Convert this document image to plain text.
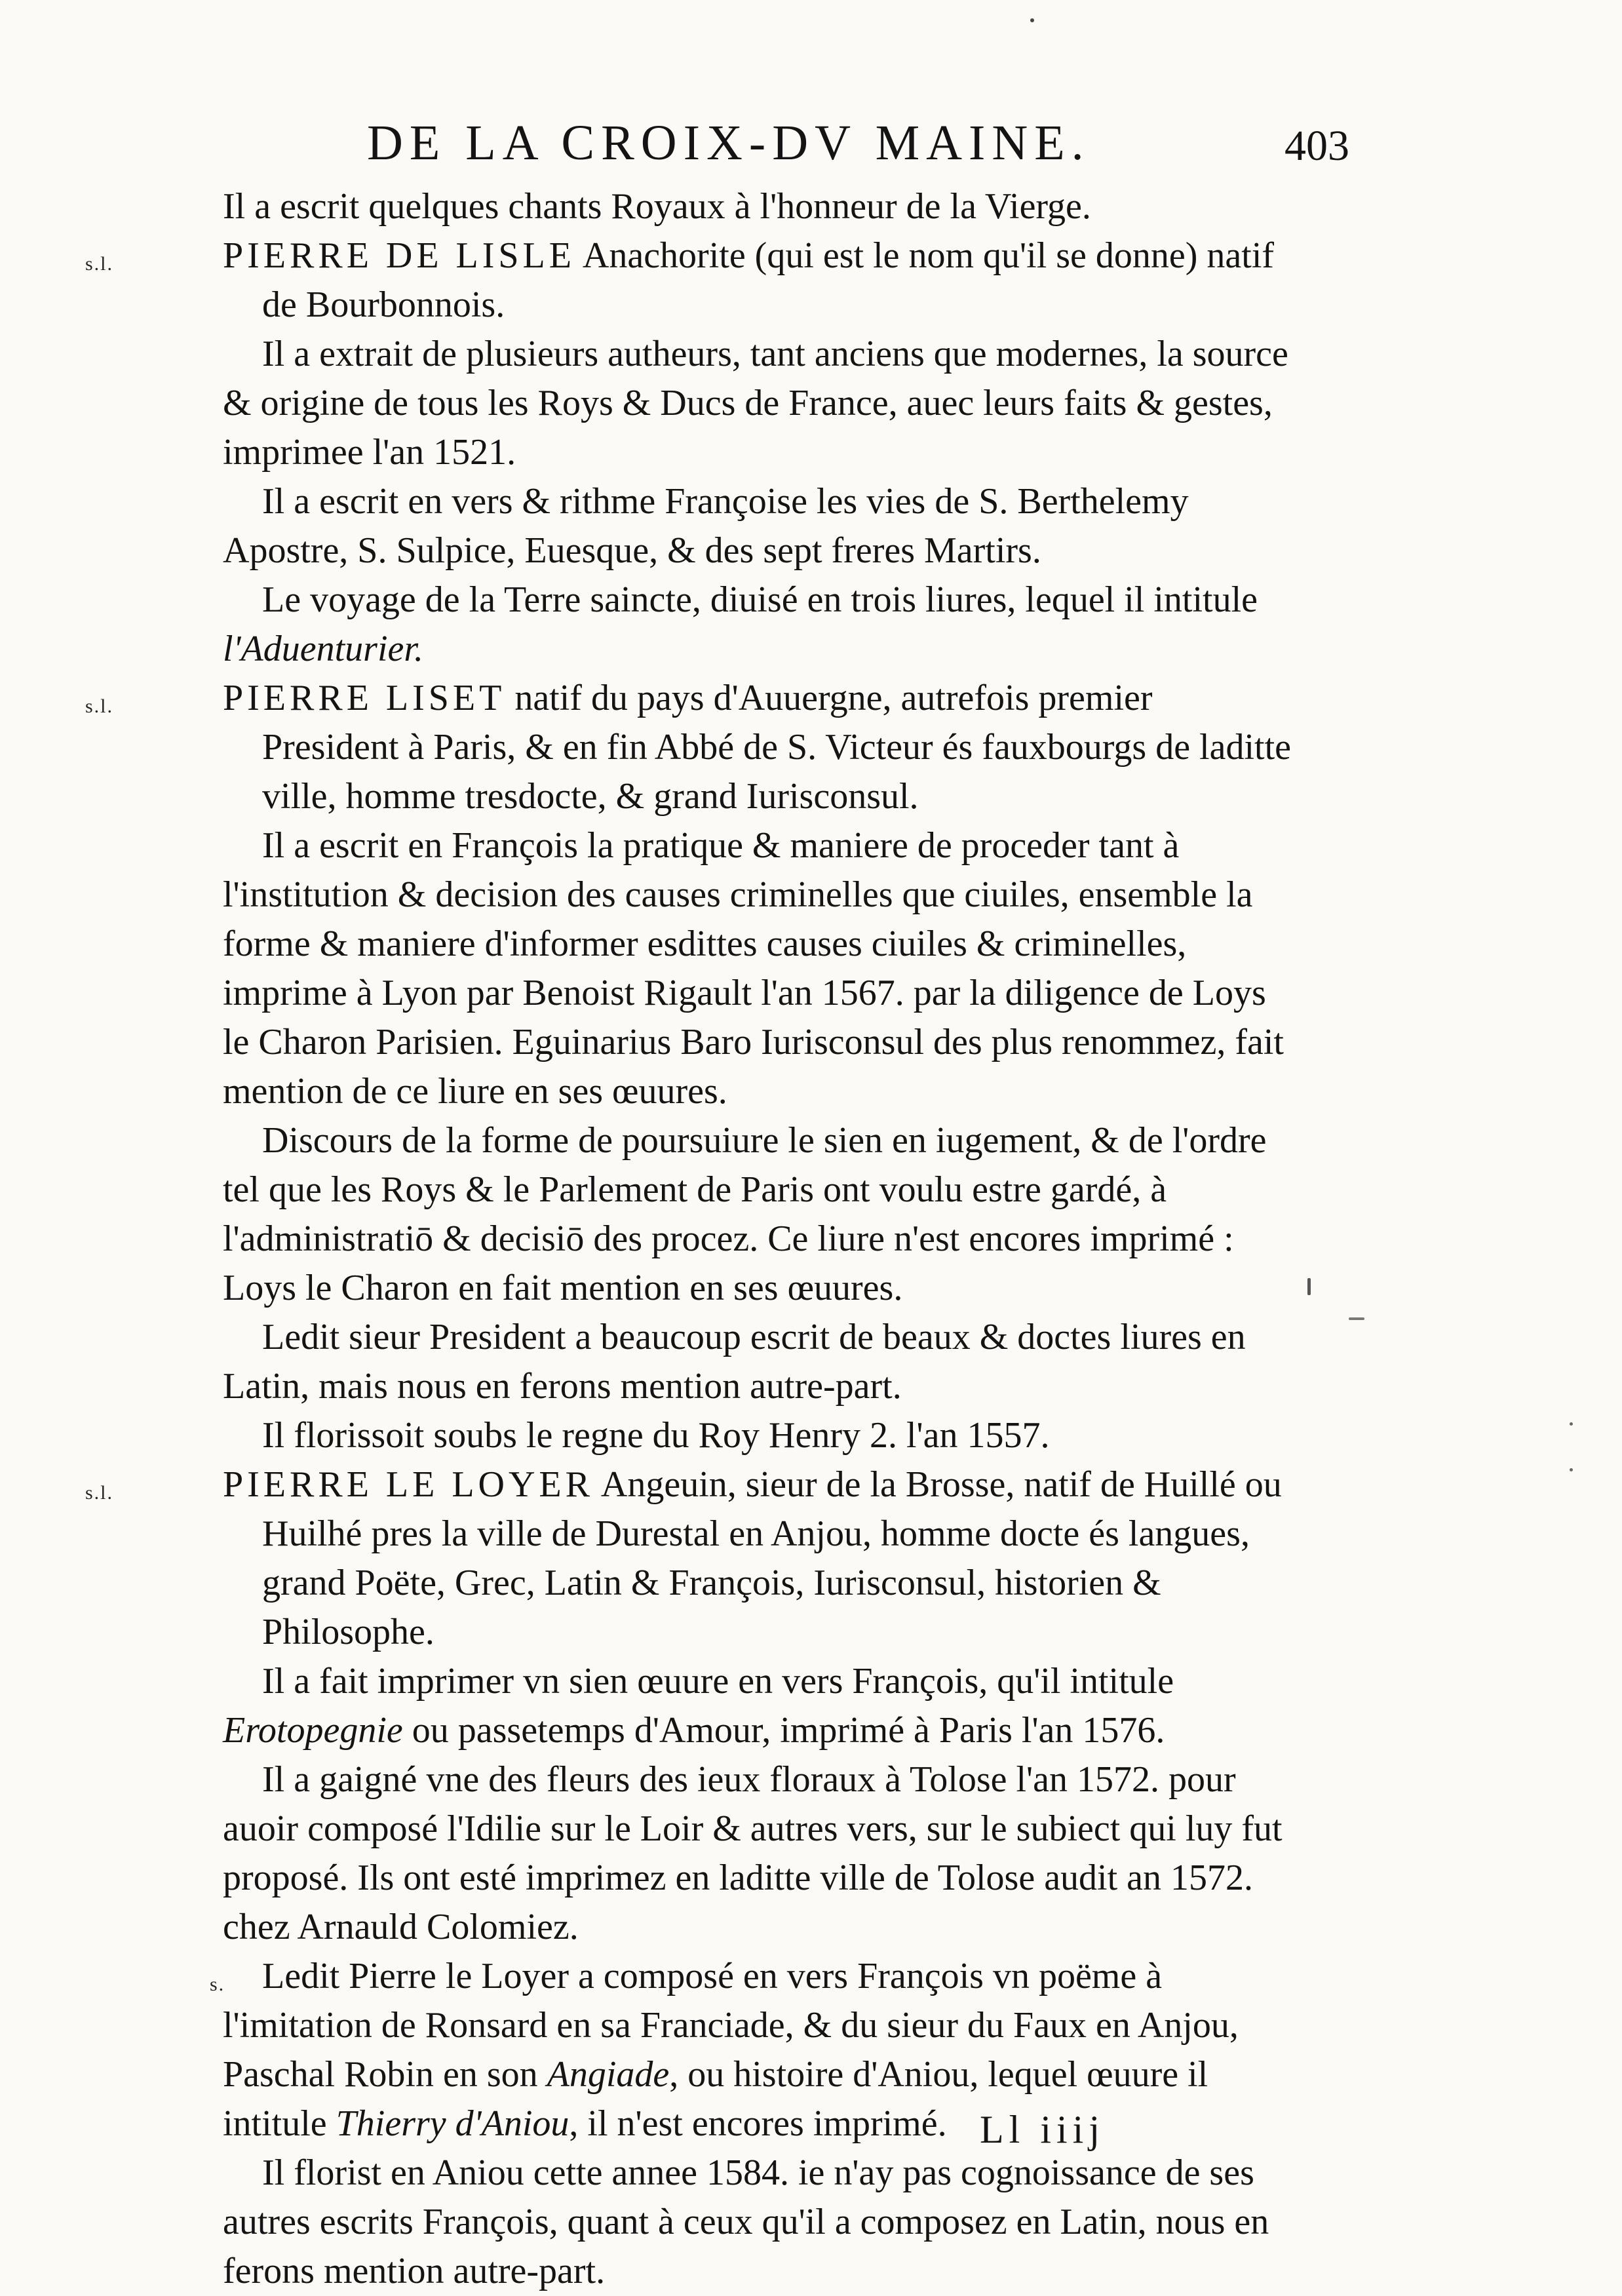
DE LA CROIX-DV MAINE.	403

Il a escrit quelques chants Royaux à l'honneur de la Vierge.

s.l.	PIERRE DE LISLE Anachorite (qui est le nom qu'il se donne) natif de Bourbonnois.

Il a extrait de plusieurs autheurs, tant anciens que modernes, la source & origine de tous les Roys & Ducs de France, auec leurs faits & gestes, imprimee l'an 1521.

Il a escrit en vers & rithme Françoise les vies de S. Berthelemy Apostre, S. Sulpice, Euesque, & des sept freres Martirs.

Le voyage de la Terre saincte, diuisé en trois liures, lequel il intitule l'Aduenturier.

s.l.	PIERRE LISET natif du pays d'Auuergne, autrefois premier President à Paris, & en fin Abbé de S. Victeur és fauxbourgs de laditte ville, homme tresdocte, & grand Iurisconsul.

Il a escrit en François la pratique & maniere de proceder tant à l'institution & decision des causes criminelles que ciuiles, ensemble la forme & maniere d'informer esdittes causes ciuiles & criminelles, imprime à Lyon par Benoist Rigault l'an 1567. par la diligence de Loys le Charon Parisien. Eguinarius Baro Iurisconsul des plus renommez, fait mention de ce liure en ses œuures.

Discours de la forme de poursuiure le sien en iugement, & de l'ordre tel que les Roys & le Parlement de Paris ont voulu estre gardé, à l'administratiō & decisiō des procez. Ce liure n'est encores imprimé : Loys le Charon en fait mention en ses œuures.

Ledit sieur President a beaucoup escrit de beaux & doctes liures en Latin, mais nous en ferons mention autre-part.

Il florissoit soubs le regne du Roy Henry 2. l'an 1557.

s.l.	PIERRE LE LOYER Angeuin, sieur de la Brosse, natif de Huillé ou Huilhé pres la ville de Durestal en Anjou, homme docte és langues, grand Poëte, Grec, Latin & François, Iurisconsul, historien & Philosophe.

Il a fait imprimer vn sien œuure en vers François, qu'il intitule Erotopegnie ou passetemps d'Amour, imprimé à Paris l'an 1576.

Il a gaigné vne des fleurs des ieux floraux à Tolose l'an 1572. pour auoir composé l'Idilie sur le Loir & autres vers, sur le subiect qui luy fut proposé. Ils ont esté imprimez en laditte ville de Tolose audit an 1572. chez Arnauld Colomiez.

s. Ledit Pierre le Loyer a composé en vers François vn poëme à l'imitation de Ronsard en sa Franciade, & du sieur du Faux en Anjou, Paschal Robin en son Angiade, ou histoire d'Aniou, lequel œuure il intitule Thierry d'Aniou, il n'est encores imprimé.

Il florist en Aniou cette annee 1584. ie n'ay pas cognoissance de ses autres escrits François, quant à ceux qu'il a composez en Latin, nous en ferons mention autre-part.

Ll iiij
